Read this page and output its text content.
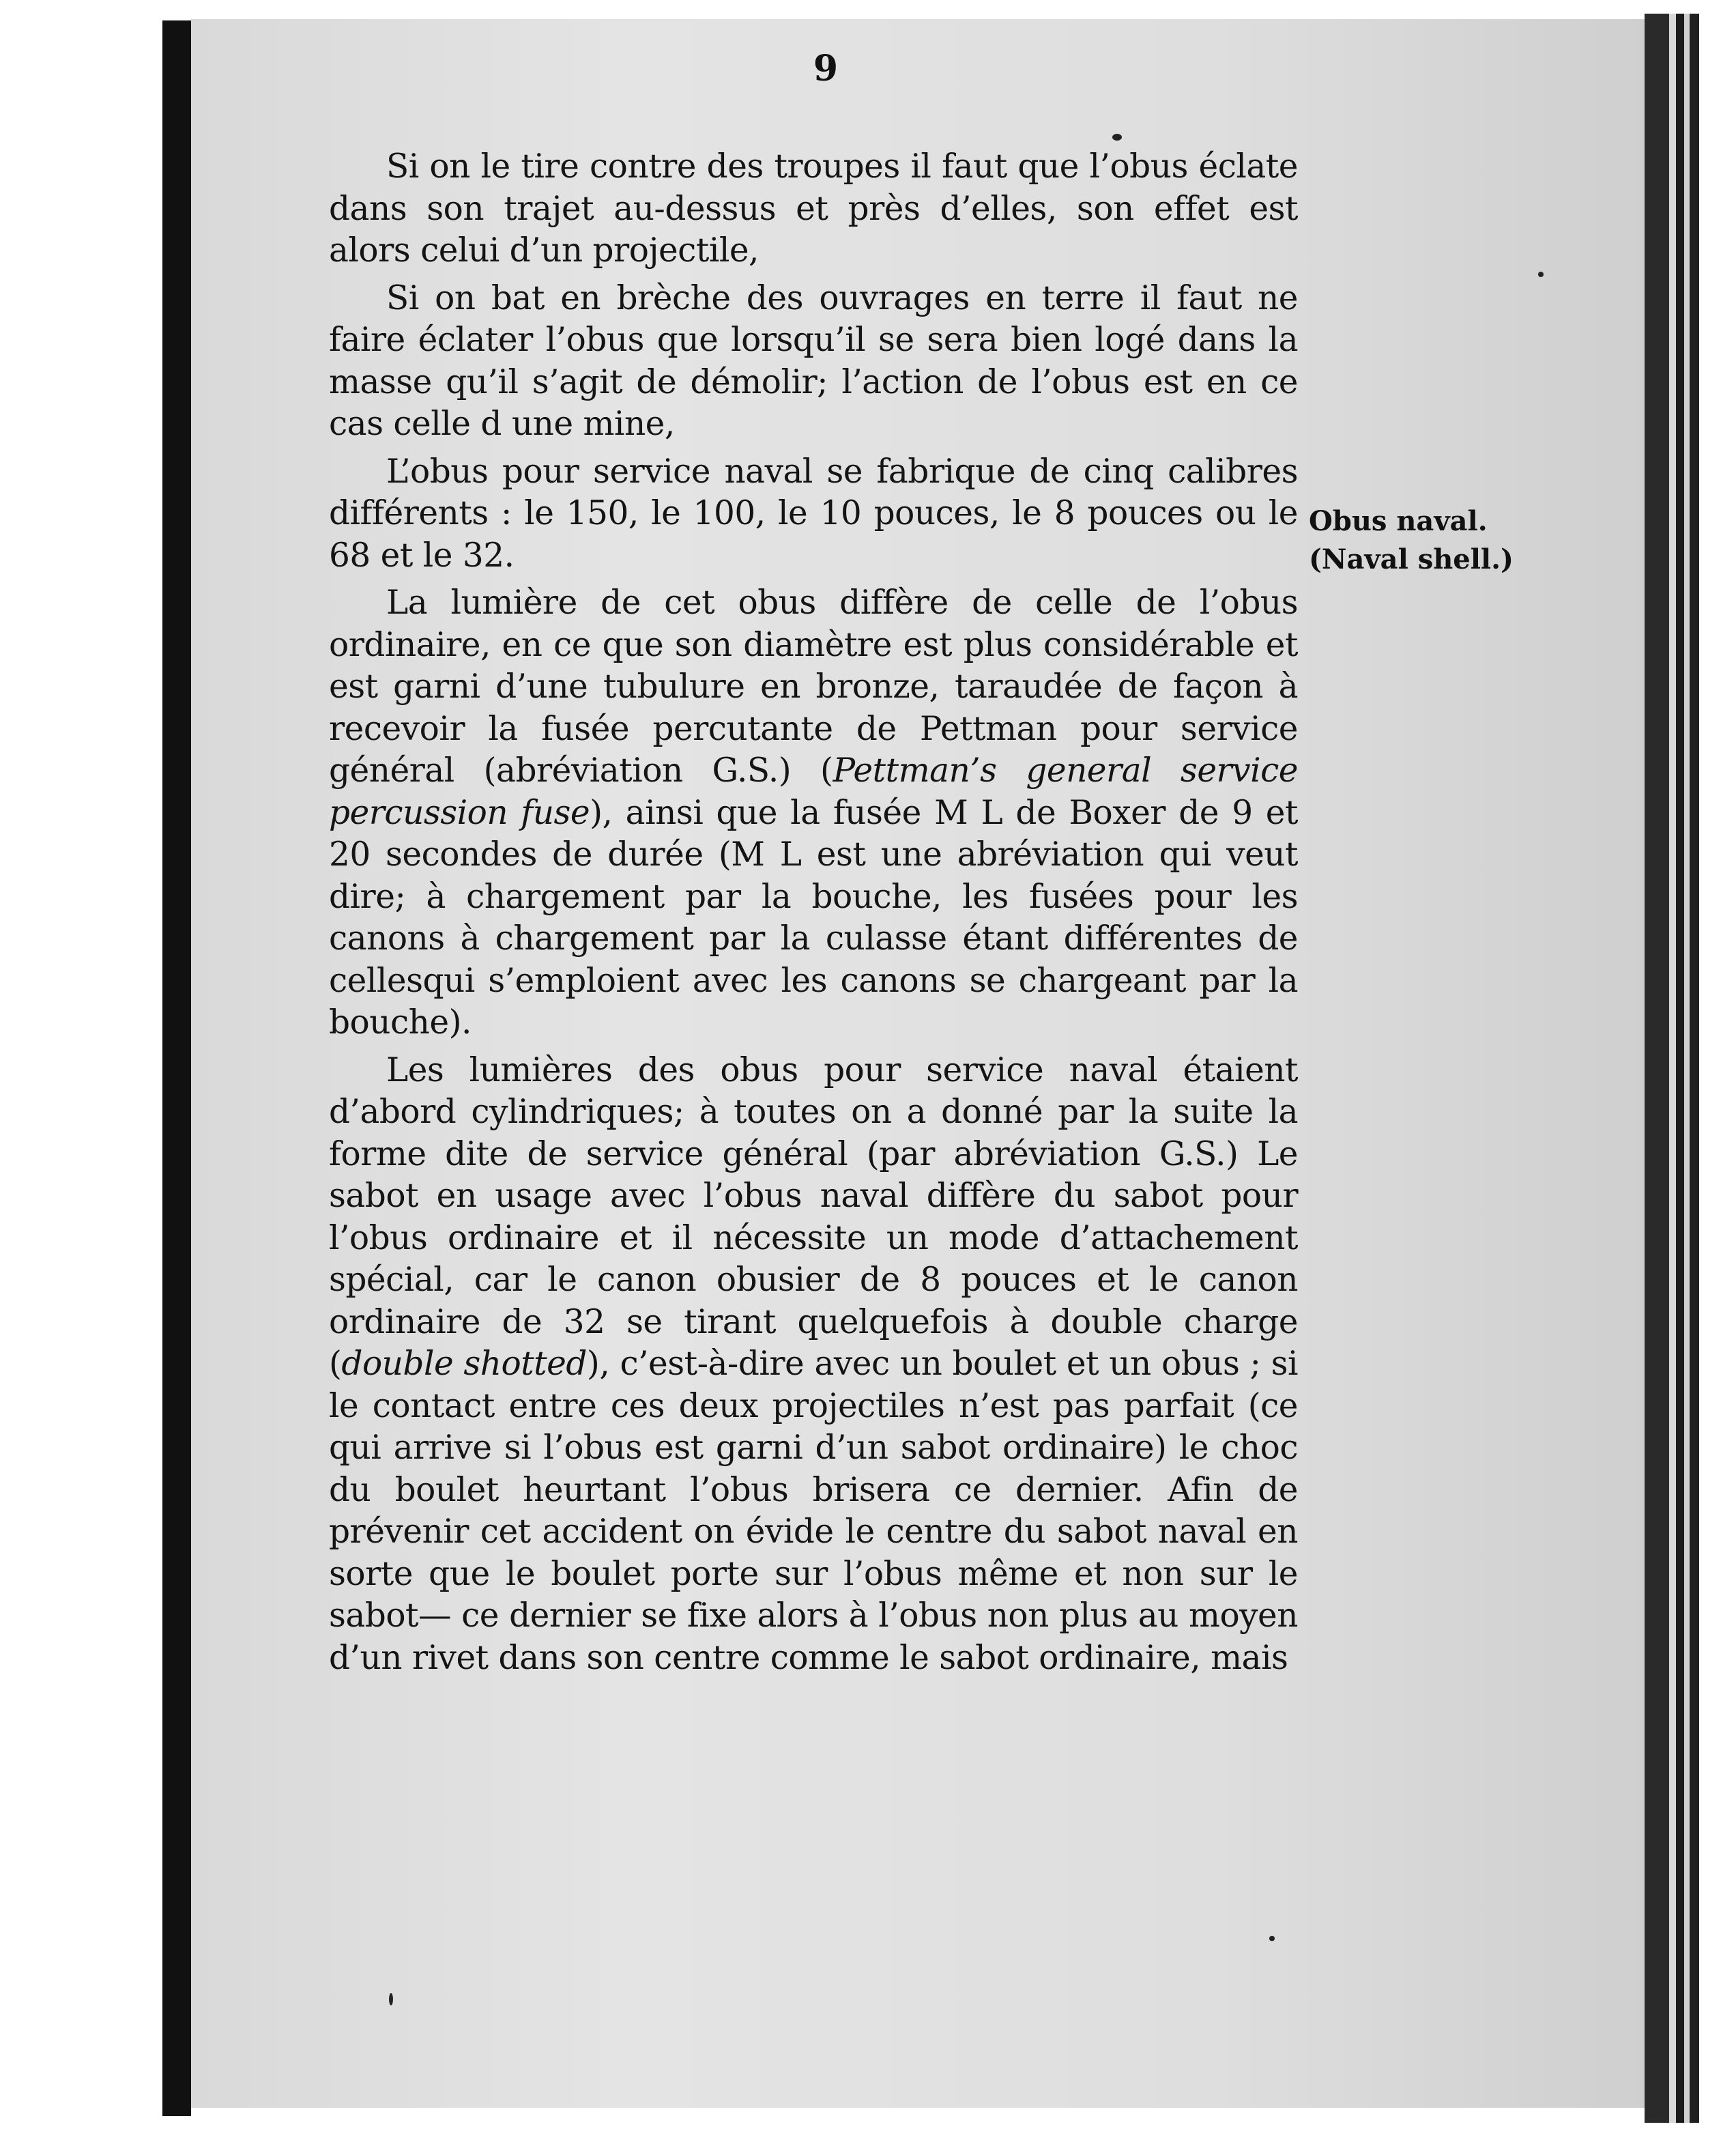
9

Si on le tire contre des troupes il faut que l’obus éclate dans son trajet au-dessus et près d’elles, son effet est alors celui d’un projectile,

Si on bat en brèche des ouvrages en terre il faut ne faire éclater l’obus que lorsqu’il se sera bien logé dans la masse qu’il s’agit de démolir; l’action de l’obus est en ce cas celle d une mine,

L’obus pour service naval se fabrique de cinq calibres différents : le 150, le 100, le 10 pouces, le 8 pouces ou le 68 et le 32.

La lumière de cet obus diffère de celle de l’obus ordinaire, en ce que son diamètre est plus considérable et est garni d’une tubulure en bronze, taraudée de façon à recevoir la fusée percutante de Pettman pour service général (abréviation G.S.) (Pettman’s general service percussion fuse), ainsi que la fusée M L de Boxer de 9 et 20 secondes de durée (M L est une abréviation qui veut dire; à chargement par la bouche, les fusées pour les canons à chargement par la culasse étant différentes de cellesqui s’emploient avec les canons se chargeant par la bouche).

Les lumières des obus pour service naval étaient d’abord cylindriques; à toutes on a donné par la suite la forme dite de service général (par abréviation G.S.) Le sabot en usage avec l’obus naval diffère du sabot pour l’obus ordinaire et il nécessite un mode d’attachement spécial, car le canon obusier de 8 pouces et le canon ordinaire de 32 se tirant quelquefois à double charge (double shotted), c’est-à-dire avec un boulet et un obus ; si le contact entre ces deux projectiles n’est pas parfait (ce qui arrive si l’obus est garni d’un sabot ordinaire) le choc du boulet heurtant l’obus brisera ce dernier. Afin de prévenir cet accident on évide le centre du sabot naval en sorte que le boulet porte sur l’obus même et non sur le sabot— ce dernier se fixe alors à l’obus non plus au moyen d’un rivet dans son centre comme le sabot ordinaire, mais

Obus naval.
(Naval shell.)
